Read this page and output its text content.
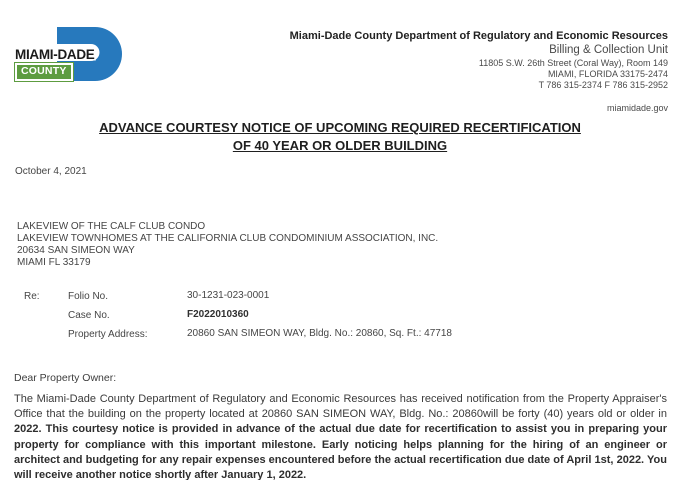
MIAMI-DADE
COUNTY
Miami-Dade County Department of Regulatory and Economic Resources
Billing & Collection Unit
11805 S.W. 26th Street (Coral Way), Room 149
MIAMI, FLORIDA 33175-2474
T 786 315-2374 F 786 315-2952
miamidade.gov
ADVANCE COURTESY NOTICE OF UPCOMING REQUIRED RECERTIFICATION
OF 40 YEAR OR OLDER BUILDING
October 4, 2021
LAKEVIEW OF THE CALF CLUB CONDO
LAKEVIEW TOWNHOMES AT THE CALIFORNIA CLUB CONDOMINIUM ASSOCIATION, INC.
20634 SAN SIMEON WAY
MIAMI FL 33179
Re:	Folio No.	30-1231-023-0001
Case No.	F2022010360
Property Address:	20860 SAN SIMEON WAY, Bldg. No.: 20860, Sq. Ft.: 47718
Dear Property Owner:
The Miami-Dade County Department of Regulatory and Economic Resources has received notification from the Property Appraiser's Office that the building on the property located at 20860 SAN SIMEON WAY, Bldg. No.: 20860will be forty (40) years old or older in 2022. This courtesy notice is provided in advance of the actual due date for recertification to assist you in preparing your property for compliance with this important milestone. Early noticing helps planning for the hiring of an engineer or architect and budgeting for any repair expenses encountered before the actual recertification due date of April 1st, 2022. You will receive another notice shortly after January 1, 2022.
